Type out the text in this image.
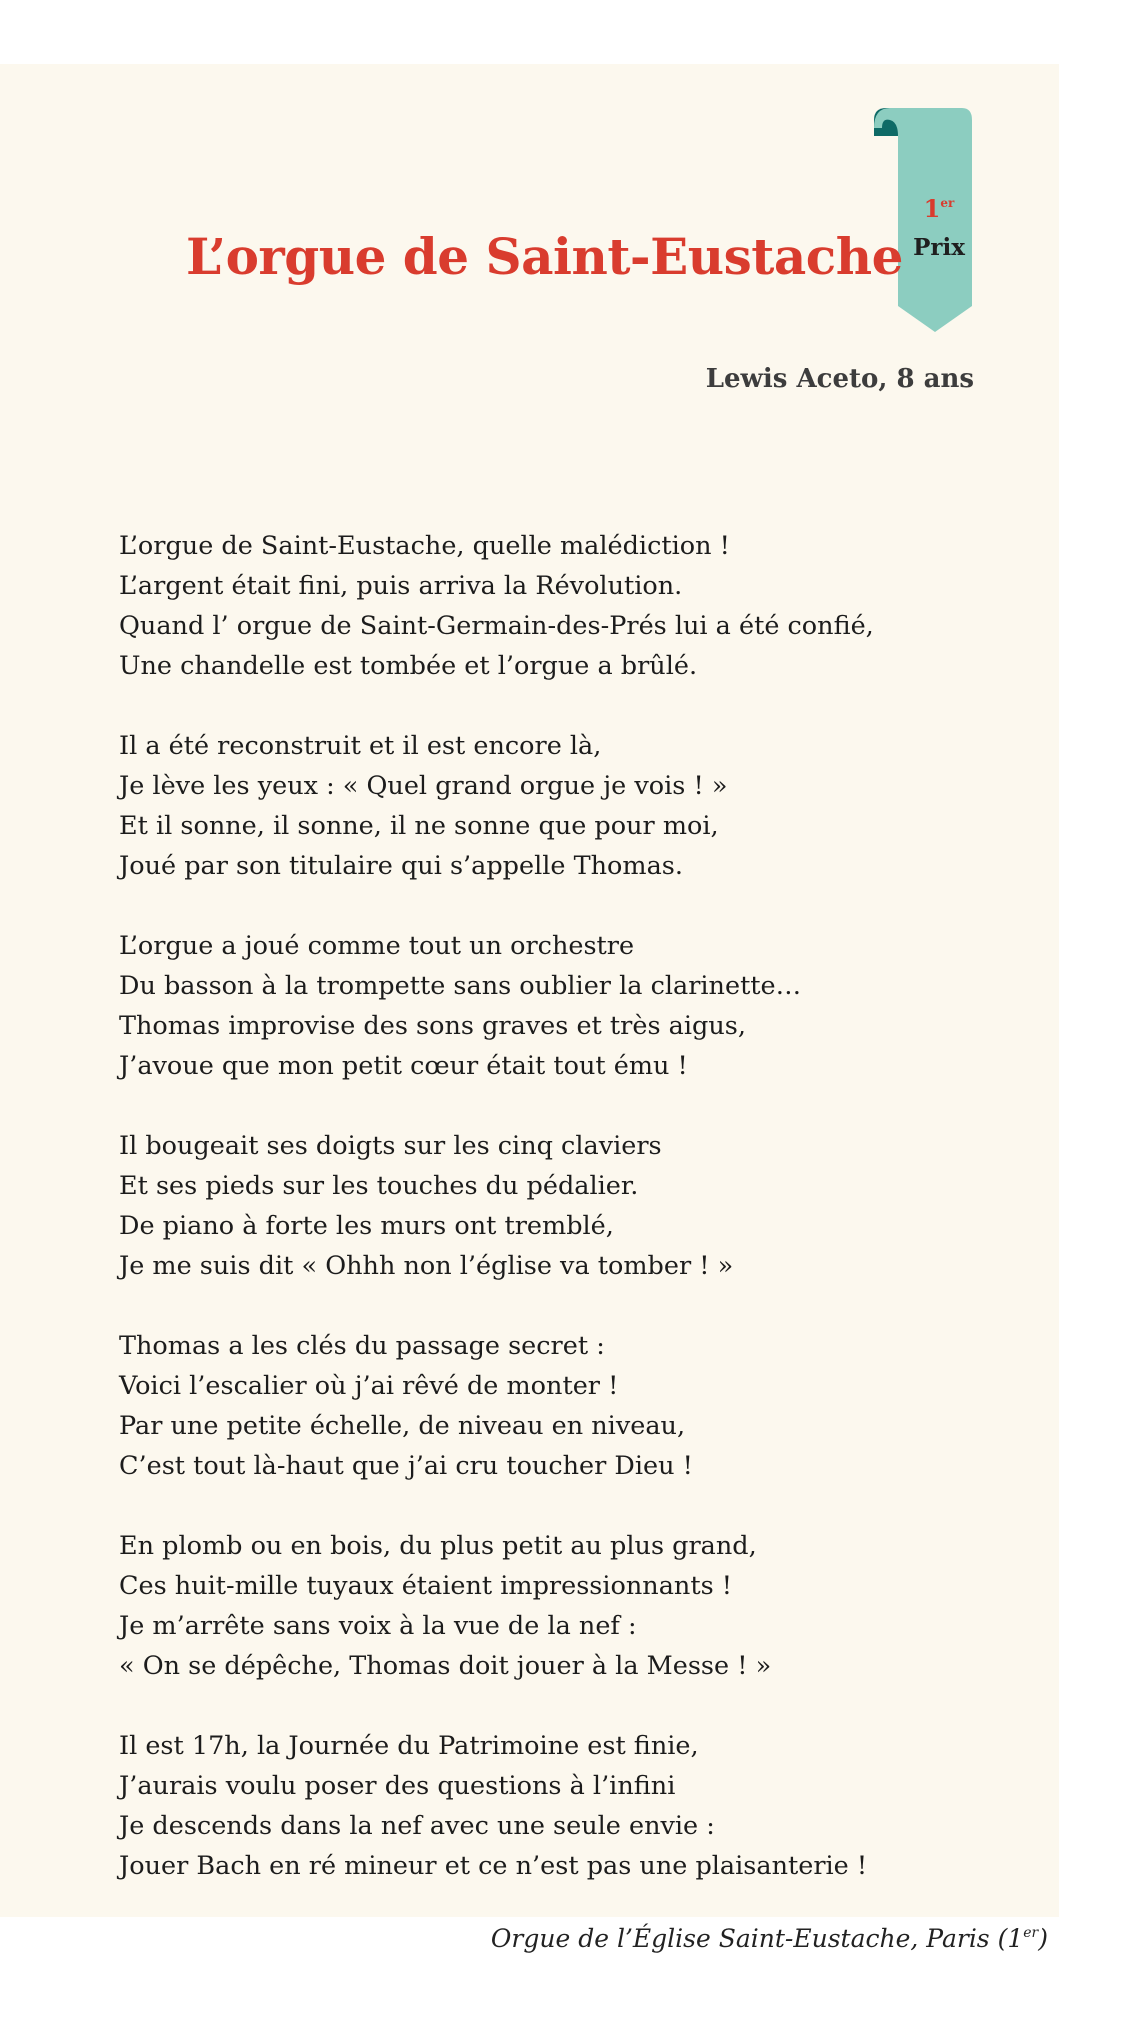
1er
Prix
L’orgue de Saint-Eustache
Lewis Aceto, 8 ans
L’orgue de Saint-Eustache, quelle malédiction !
L’argent était fini, puis arriva la Révolution.
Quand l’ orgue de Saint-Germain-des-Prés lui a été confié,
Une chandelle est tombée et l’orgue a brûlé.
Il a été reconstruit et il est encore là,
Je lève les yeux : « Quel grand orgue je vois ! »
Et il sonne, il sonne, il ne sonne que pour moi,
Joué par son titulaire qui s’appelle Thomas.
L’orgue a joué comme tout un orchestre
Du basson à la trompette sans oublier la clarinette…
Thomas improvise des sons graves et très aigus,
J’avoue que mon petit cœur était tout ému !
Il bougeait ses doigts sur les cinq claviers
Et ses pieds sur les touches du pédalier.
De piano à forte les murs ont tremblé,
Je me suis dit « Ohhh non l’église va tomber ! »
Thomas a les clés du passage secret :
Voici l’escalier où j’ai rêvé de monter !
Par une petite échelle, de niveau en niveau,
C’est tout là-haut que j’ai cru toucher Dieu !
En plomb ou en bois, du plus petit au plus grand,
Ces huit-mille tuyaux étaient impressionnants !
Je m’arrête sans voix à la vue de la nef :
« On se dépêche, Thomas doit jouer à la Messe ! »
Il est 17h, la Journée du Patrimoine est finie,
J’aurais voulu poser des questions à l’infini
Je descends dans la nef avec une seule envie :
Jouer Bach en ré mineur et ce n’est pas une plaisanterie !
Orgue de l’Église Saint-Eustache, Paris (1er)
